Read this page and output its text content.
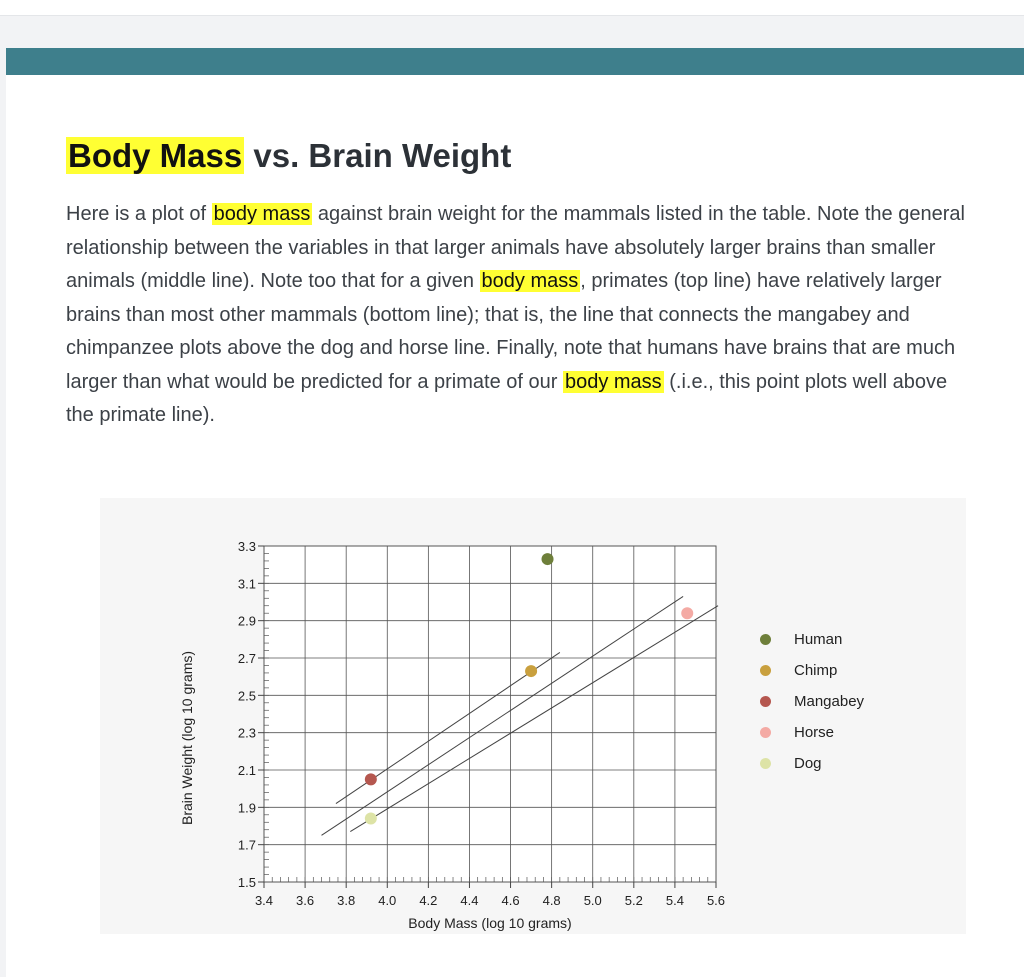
Body Mass vs. Brain Weight

Here is a plot of body mass against brain weight for the mammals listed in the table. Note the general relationship between the variables in that larger animals have absolutely larger brains than smaller animals (middle line). Note too that for a given body mass , primates (top line) have relatively larger brains than most other mammals (bottom line); that is, the line that connects the mangabey and chimpanzee plots above the dog and horse line. Finally, note that humans have brains that are much larger than what would be predicted for a primate of our body mass (.i.e., this point plots well above the primate line).

3.4 3.6 3.8 4.0 4.2 4.4 4.6 4.8 5.0 5.2 5.4 5.6
1.5
1.7
1.9
2.1
2.3
2.5
2.7
2.9
3.1
3.3
Body Mass (log 10 grams)
Brain Weight (log 10 grams)
Human
Chimp
Mangabey
Horse
Dog
